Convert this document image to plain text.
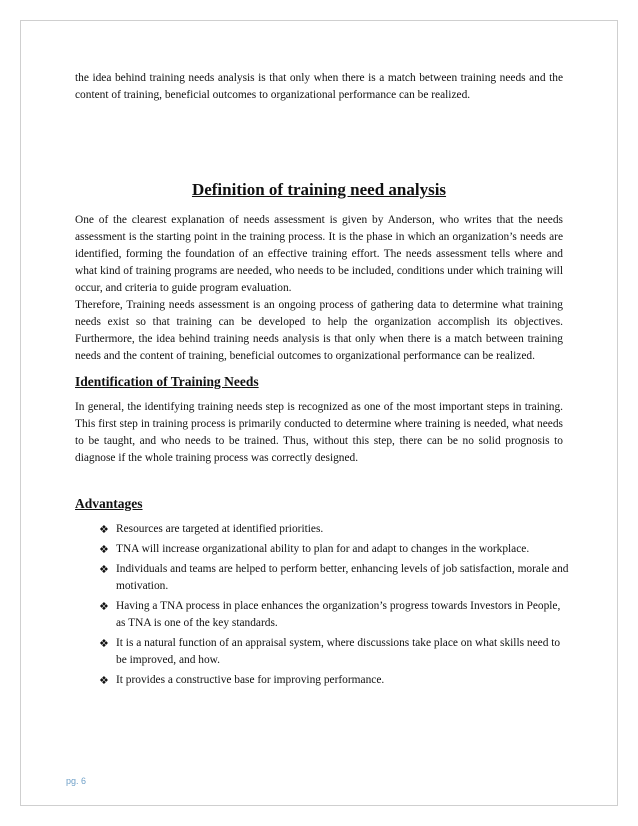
the idea behind training needs analysis is that only when there is a match between training needs and the content of training, beneficial outcomes to organizational performance can be realized.

Definition of training need analysis

One of the clearest explanation of needs assessment is given by Anderson, who writes that the needs assessment is the starting point in the training process. It is the phase in which an organization’s needs are identified, forming the foundation of an effective training effort. The needs assessment tells where and what kind of training programs are needed, who needs to be included, conditions under which training will occur, and criteria to guide program evaluation.

Therefore, Training needs assessment is an ongoing process of gathering data to determine what training needs exist so that training can be developed to help the organization accomplish its objectives. Furthermore, the idea behind training needs analysis is that only when there is a match between training needs and the content of training, beneficial outcomes to organizational performance can be realized.

Identification of Training Needs

In general, the identifying training needs step is recognized as one of the most important steps in training. This first step in training process is primarily conducted to determine where training is needed, what needs to be taught, and who needs to be trained. Thus, without this step, there can be no solid prognosis to diagnose if the whole training process was correctly designed.

Advantages
❖ Resources are targeted at identified priorities.
❖ TNA will increase organizational ability to plan for and adapt to changes in the workplace.
❖ Individuals and teams are helped to perform better, enhancing levels of job satisfaction, morale and motivation.
❖ Having a TNA process in place enhances the organization’s progress towards Investors in People, as TNA is one of the key standards.
❖ It is a natural function of an appraisal system, where discussions take place on what skills need to be improved, and how.
❖ It provides a constructive base for improving performance.
pg. 6
